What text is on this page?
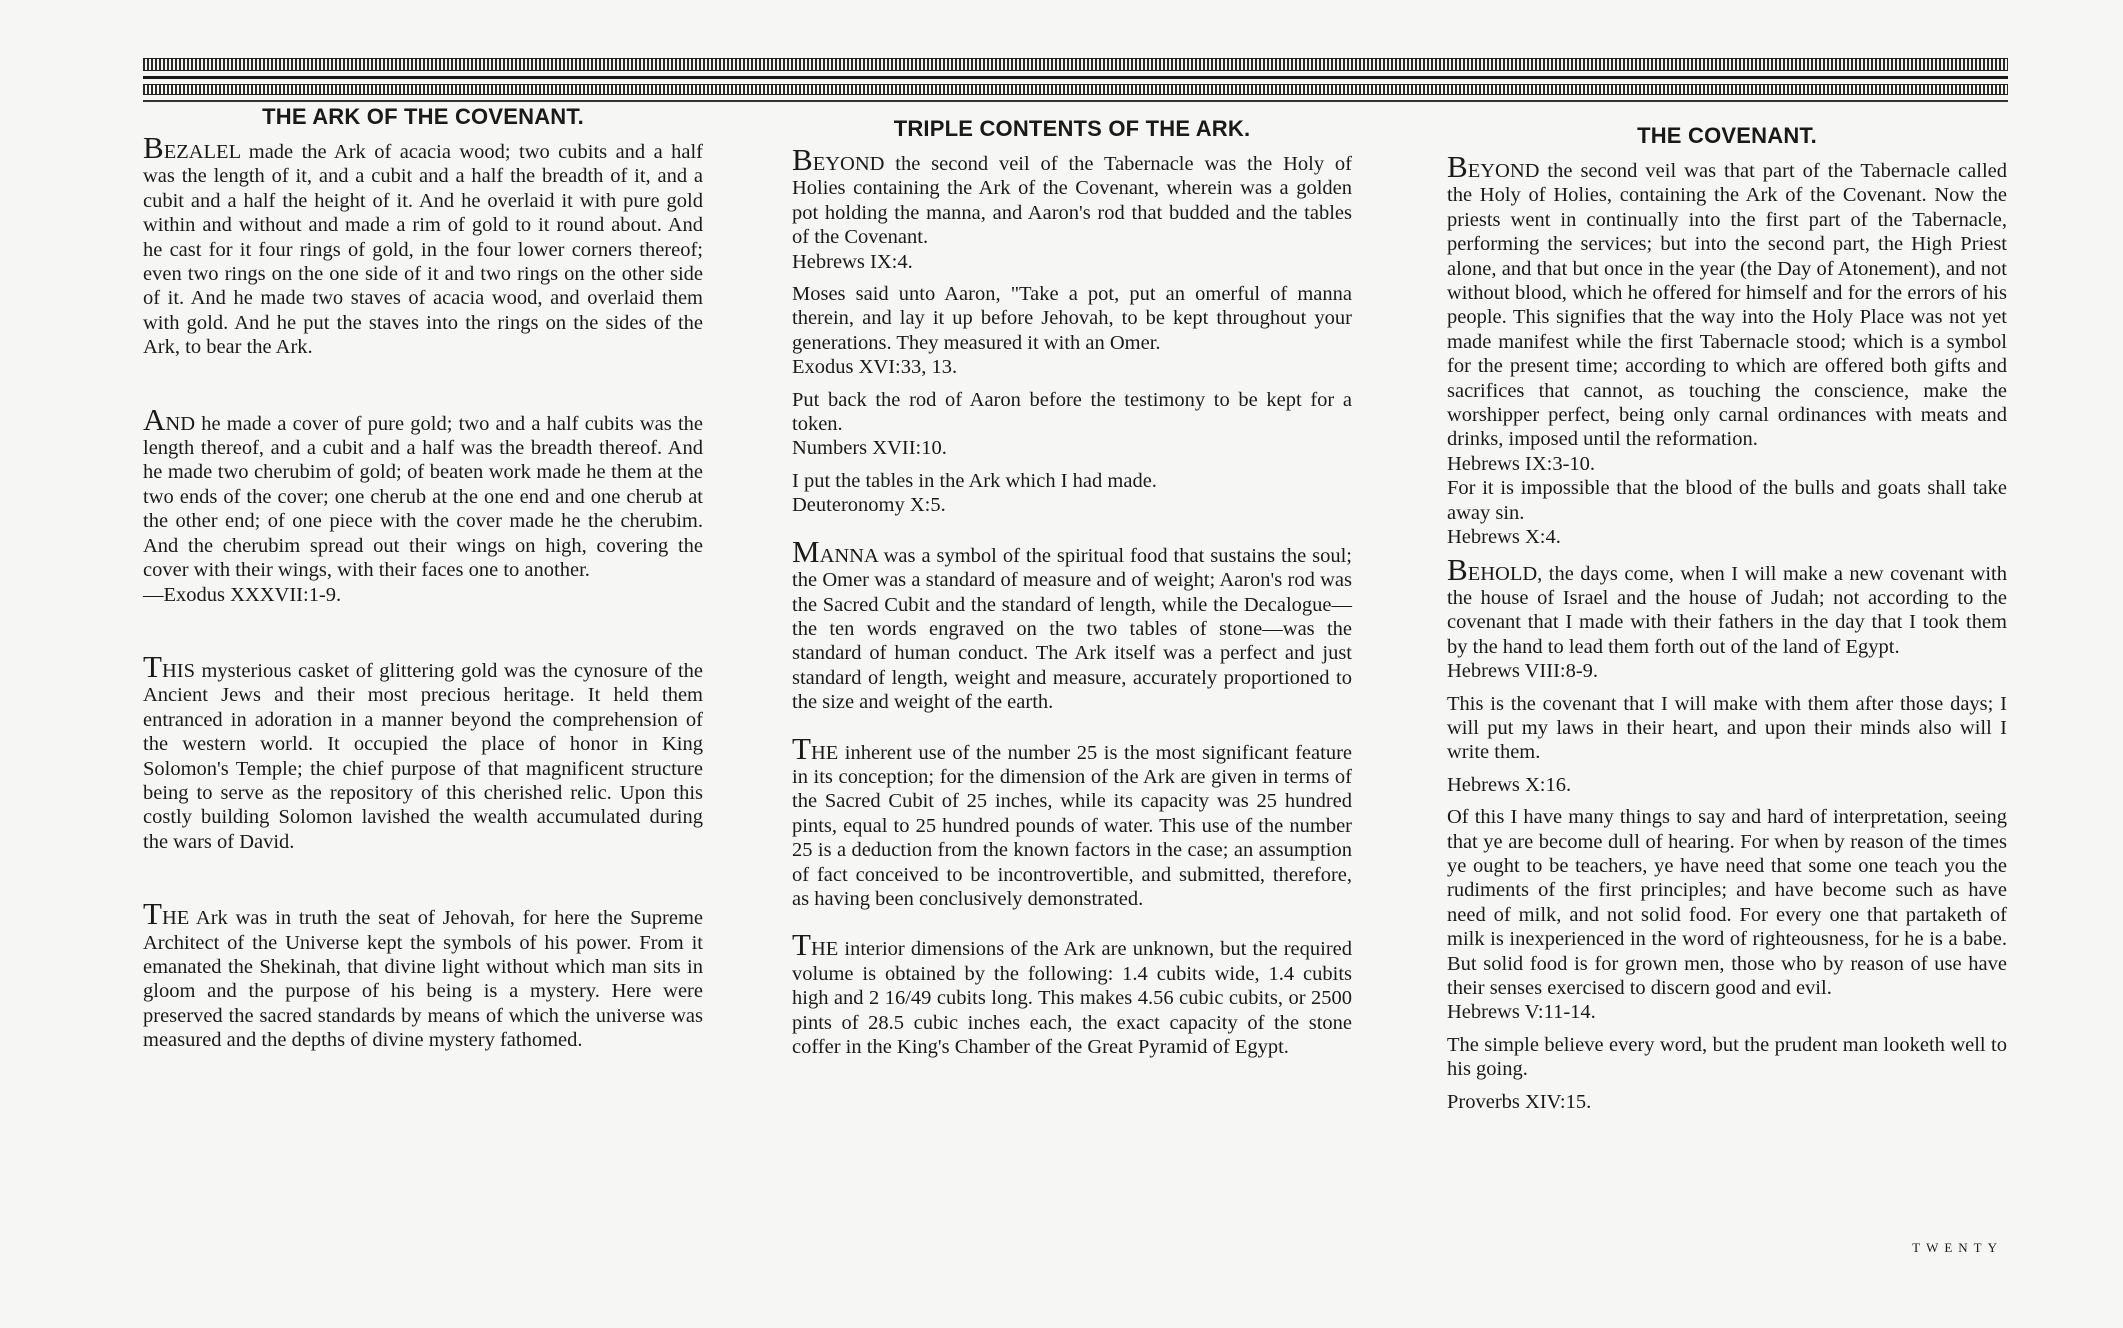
THE ARK OF THE COVENANT.

BEZALEL made the Ark of acacia wood; two cubits and a half was the length of it, and a cubit and a half the breadth of it, and a cubit and a half the height of it. And he overlaid it with pure gold within and without and made a rim of gold to it round about. And he cast for it four rings of gold, in the four lower corners thereof; even two rings on the one side of it and two rings on the other side of it. And he made two staves of acacia wood, and overlaid them with gold. And he put the staves into the rings on the sides of the Ark, to bear the Ark.

AND he made a cover of pure gold; two and a half cubits was the length thereof, and a cubit and a half was the breadth thereof. And he made two cherubim of gold; of beaten work made he them at the two ends of the cover; one cherub at the one end and one cherub at the other end; of one piece with the cover made he the cherubim. And the cherubim spread out their wings on high, covering the cover with their wings, with their faces one to another.

—Exodus XXXVII:1-9.

THIS mysterious casket of glittering gold was the cynosure of the Ancient Jews and their most precious heritage. It held them entranced in adoration in a manner beyond the comprehension of the western world. It occupied the place of honor in King Solomon's Temple; the chief purpose of that magnificent structure being to serve as the repository of this cherished relic. Upon this costly building Solomon lavished the wealth accumulated during the wars of David.

THE Ark was in truth the seat of Jehovah, for here the Supreme Architect of the Universe kept the symbols of his power. From it emanated the Shekinah, that divine light without which man sits in gloom and the purpose of his being is a mystery. Here were preserved the sacred standards by means of which the universe was measured and the depths of divine mystery fathomed.

TRIPLE CONTENTS OF THE ARK.

BEYOND the second veil of the Tabernacle was the Holy of Holies containing the Ark of the Covenant, wherein was a golden pot holding the manna, and Aaron's rod that budded and the tables of the Covenant.

Hebrews IX:4.

Moses said unto Aaron, "Take a pot, put an omerful of manna therein, and lay it up before Jehovah, to be kept throughout your generations. They measured it with an Omer.

Exodus XVI:33, 13.

Put back the rod of Aaron before the testimony to be kept for a token.

Numbers XVII:10.

I put the tables in the Ark which I had made.

Deuteronomy X:5.

MANNA was a symbol of the spiritual food that sustains the soul; the Omer was a standard of measure and of weight; Aaron's rod was the Sacred Cubit and the standard of length, while the Decalogue—the ten words engraved on the two tables of stone—was the standard of human conduct. The Ark itself was a perfect and just standard of length, weight and measure, accurately proportioned to the size and weight of the earth.

THE inherent use of the number 25 is the most significant feature in its conception; for the dimension of the Ark are given in terms of the Sacred Cubit of 25 inches, while its capacity was 25 hundred pints, equal to 25 hundred pounds of water. This use of the number 25 is a deduction from the known factors in the case; an assumption of fact conceived to be incontrovertible, and submitted, therefore, as having been conclusively demonstrated.

THE interior dimensions of the Ark are unknown, but the required volume is obtained by the following: 1.4 cubits wide, 1.4 cubits high and 2 16/49 cubits long. This makes 4.56 cubic cubits, or 2500 pints of 28.5 cubic inches each, the exact capacity of the stone coffer in the King's Chamber of the Great Pyramid of Egypt.

THE COVENANT.

BEYOND the second veil was that part of the Tabernacle called the Holy of Holies, containing the Ark of the Covenant. Now the priests went in continually into the first part of the Tabernacle, performing the services; but into the second part, the High Priest alone, and that but once in the year (the Day of Atonement), and not without blood, which he offered for himself and for the errors of his people. This signifies that the way into the Holy Place was not yet made manifest while the first Tabernacle stood; which is a symbol for the present time; according to which are offered both gifts and sacrifices that cannot, as touching the conscience, make the worshipper perfect, being only carnal ordinances with meats and drinks, imposed until the reformation.

Hebrews IX:3-10.

For it is impossible that the blood of the bulls and goats shall take away sin.

Hebrews X:4.

BEHOLD, the days come, when I will make a new covenant with the house of Israel and the house of Judah; not according to the covenant that I made with their fathers in the day that I took them by the hand to lead them forth out of the land of Egypt.

Hebrews VIII:8-9.

This is the covenant that I will make with them after those days; I will put my laws in their heart, and upon their minds also will I write them.

Hebrews X:16.

Of this I have many things to say and hard of interpretation, seeing that ye are become dull of hearing. For when by reason of the times ye ought to be teachers, ye have need that some one teach you the rudiments of the first principles; and have become such as have need of milk, and not solid food. For every one that partaketh of milk is inexperienced in the word of righteousness, for he is a babe. But solid food is for grown men, those who by reason of use have their senses exercised to discern good and evil.

Hebrews V:11-14.

The simple believe every word, but the prudent man looketh well to his going.

Proverbs XIV:15.

TWENTY
